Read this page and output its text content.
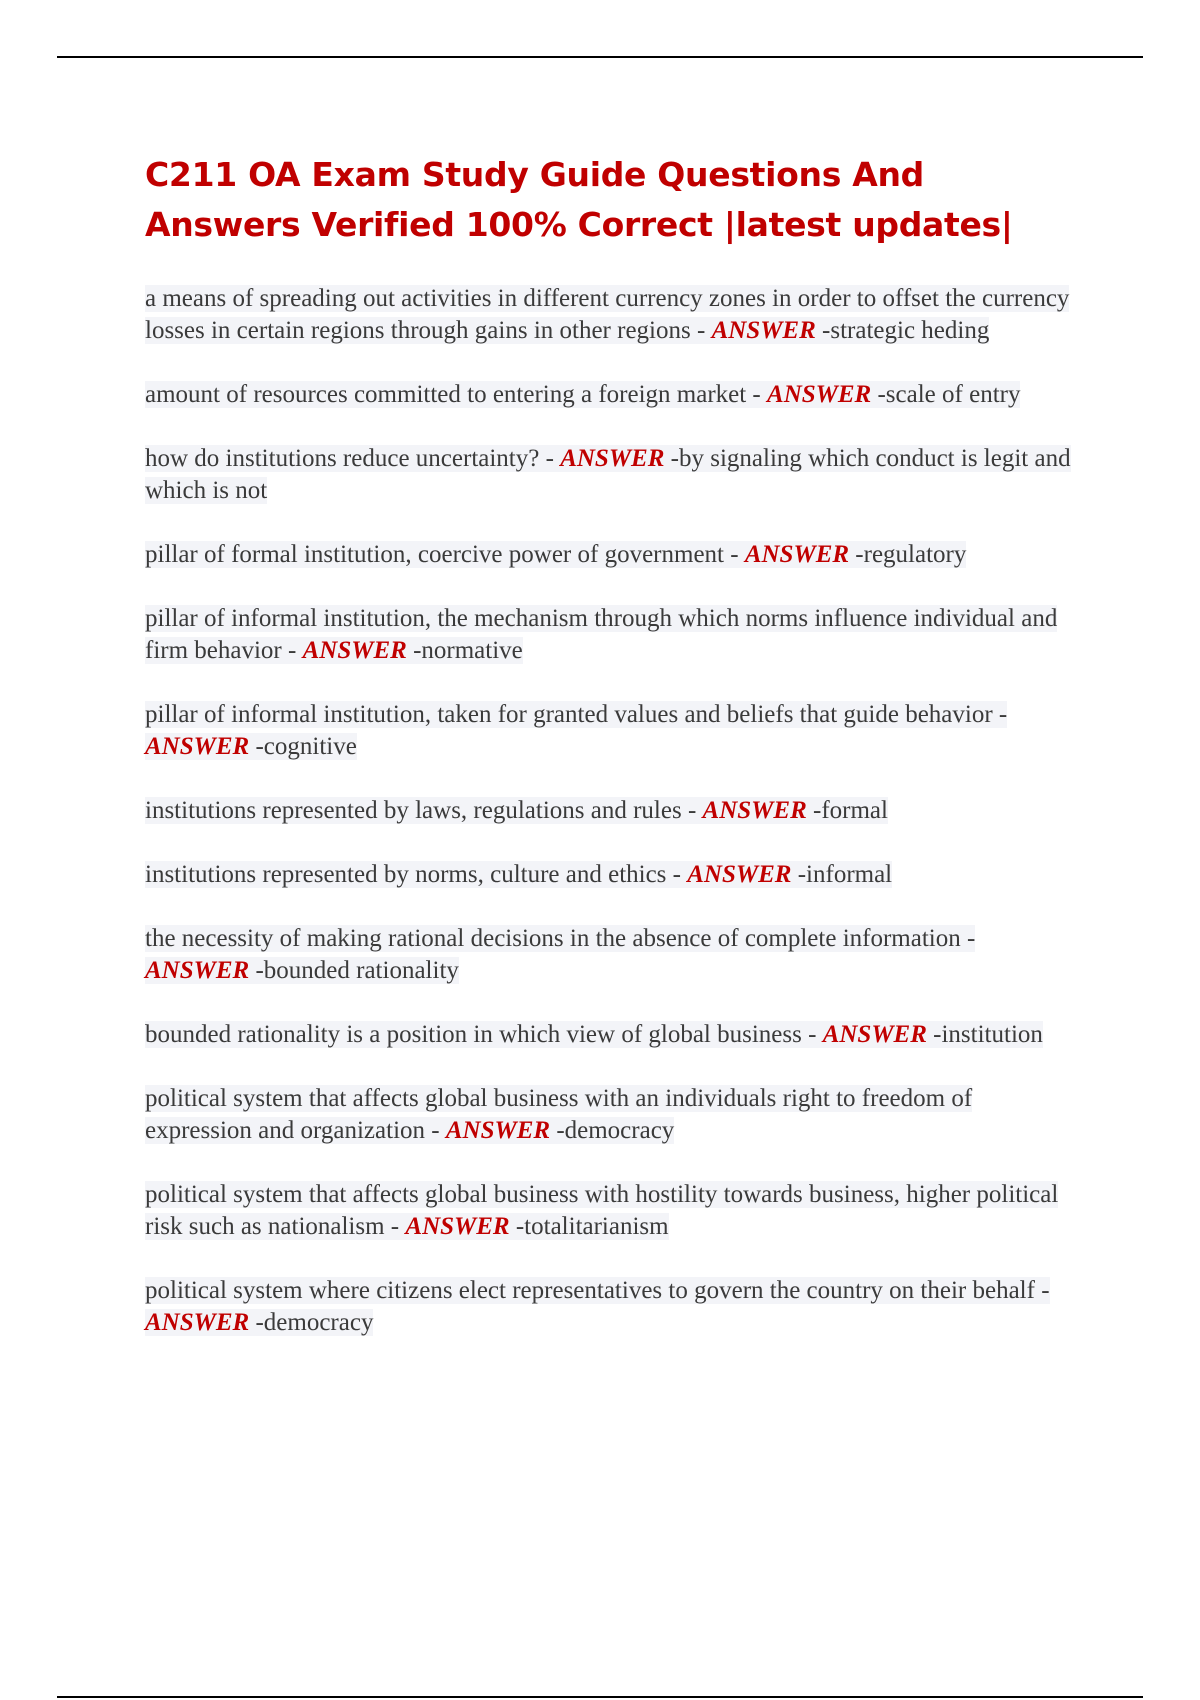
C211 OA Exam Study Guide Questions And Answers Verified 100% Correct |latest updates|
a means of spreading out activities in different currency zones in order to offset the currency losses in certain regions through gains in other regions - ANSWER -strategic heding
amount of resources committed to entering a foreign market - ANSWER -scale of entry
how do institutions reduce uncertainty? - ANSWER -by signaling which conduct is legit and which is not
pillar of formal institution, coercive power of government - ANSWER -regulatory
pillar of informal institution, the mechanism through which norms influence individual and firm behavior - ANSWER -normative
pillar of informal institution, taken for granted values and beliefs that guide behavior - ANSWER -cognitive
institutions represented by laws, regulations and rules - ANSWER -formal
institutions represented by norms, culture and ethics - ANSWER -informal
the necessity of making rational decisions in the absence of complete information - ANSWER -bounded rationality
bounded rationality is a position in which view of global business - ANSWER -institution
political system that affects global business with an individuals right to freedom of expression and organization - ANSWER -democracy
political system that affects global business with hostility towards business, higher political risk such as nationalism - ANSWER -totalitarianism
political system where citizens elect representatives to govern the country on their behalf - ANSWER -democracy
